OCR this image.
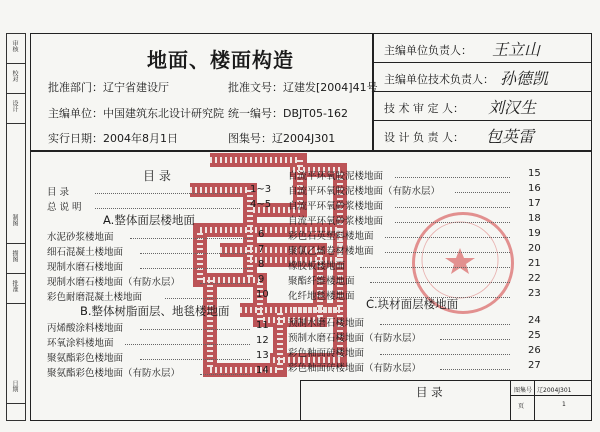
审核
校对
设计
制图
描图
批准
日期
地面、楼面构造
批准部门：辽宁省建设厅	批准文号：辽建发[2004]41号
主编单位：中国建筑东北设计研究院 统一编号：DBJT05-162
实行日期：2004年8月1日	图集号：辽2004J301
主编单位负责人： 王立山
主编单位技术负责人： 孙德凯
技 术 审 定 人： 刘汉生
设 计 负 责 人： 包英雷
目 录
目 录	1~3
总 说 明	4~5
A.整体面层楼地面
水泥砂浆楼地面	6
细石混凝土楼地面	7
现制水磨石楼地面	8
现制水磨石楼地面（有防水层）	9
彩色耐磨混凝土楼地面	10
B.整体树脂面层、地毯楼地面
丙烯酸涂料楼地面	11
环氧涂料楼地面	12
聚氨酯彩色楼地面	13
聚氨酯彩色楼地面（有防水层）	14
自流平环氧胶泥楼地面	15
自流平环氧胶泥楼地面（有防水层）	16
自流平环氧砂浆楼地面	17
自流平环氧砂浆楼地面	18
彩色石英塑料楼地面	19
聚氯乙烯卷材楼地面	20
橡胶板楼地面	21
聚酯纤维楼地面	22
化纤地毯楼地面	23
C.块材面层楼地面
预制水磨石楼地面	24
预制水磨石楼地面（有防水层）	25
彩色釉面砖楼地面	26
彩色釉面砖楼地面（有防水层）	27
目 录	图集号 辽2004J301
页	1
